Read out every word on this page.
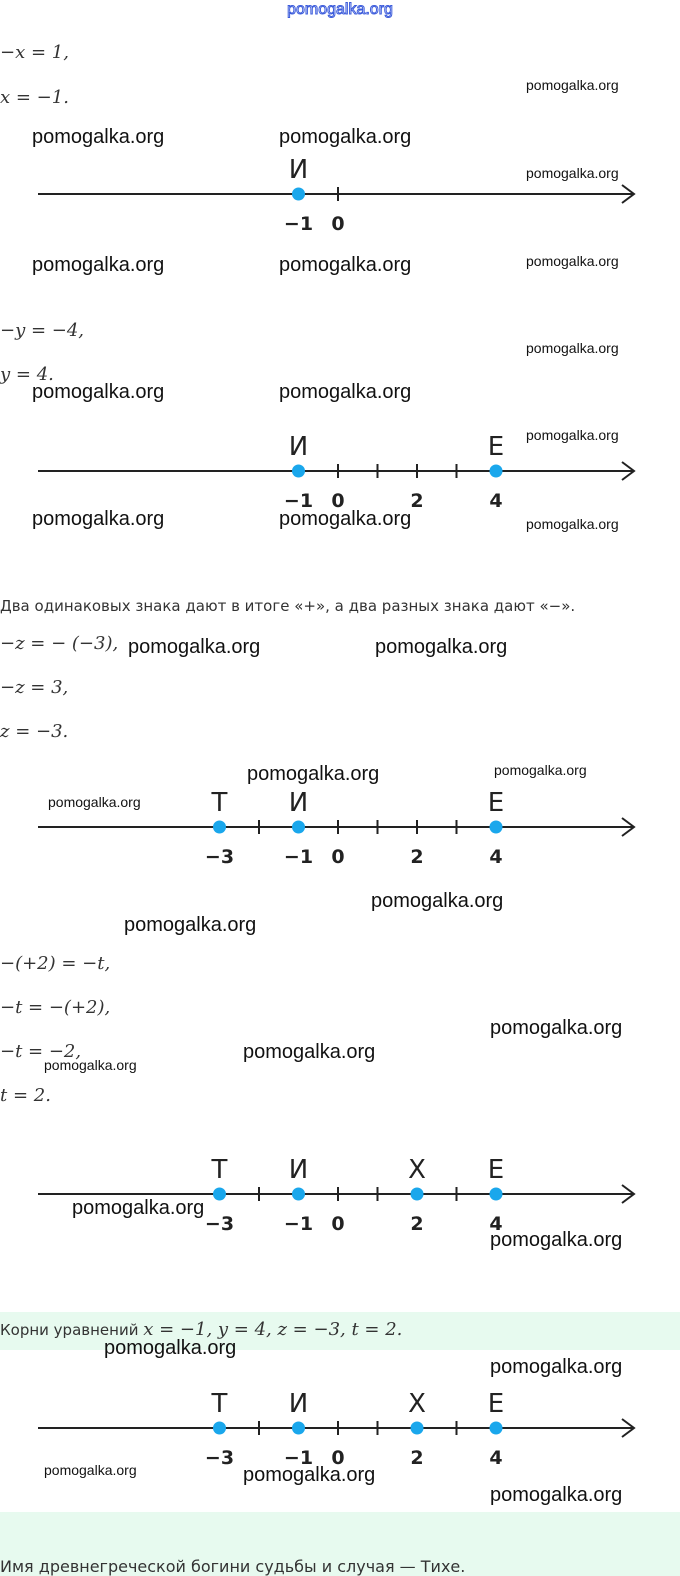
pomogalka.org
−x = 1,
x = −1.
pomogalka.org
pomogalka.org	pomogalka.org
pomogalka.org
−1 0
И
pomogalka.org	pomogalka.org	pomogalka.org
−y = −4,
y = 4.
pomogalka.org
pomogalka.org	pomogalka.org
pomogalka.org
−1 0	2	4
И	Е
pomogalka.org	pomogalka.org	pomogalka.org
Два одинаковых знака дают в итоге «+», а два разных знака дают «−».
−z = − (−3), pomogalka.org	pomogalka.org
−z = 3,
z = −3.
pomogalka.org	pomogalka.org
pomogalka.org
−3	−1 0	2	4
Т И	Е
pomogalka.org
pomogalka.org
−(+2) = −t,
−t = −(+2),
pomogalka.org
−t = −2,	pomogalka.org
pomogalka.org
t = 2.
−3	−1 0	2	4
Т И	Х Е
pomogalka.org
pomogalka.org
Корни уравнений x = −1, y = 4, z = −3, t = 2.
pomogalka.org
pomogalka.org
−3	−1 0	2	4
Т И	Х Е
pomogalka.org	pomogalka.org
pomogalka.org
Имя древнегреческой богини судьбы и случая — Тихе.
